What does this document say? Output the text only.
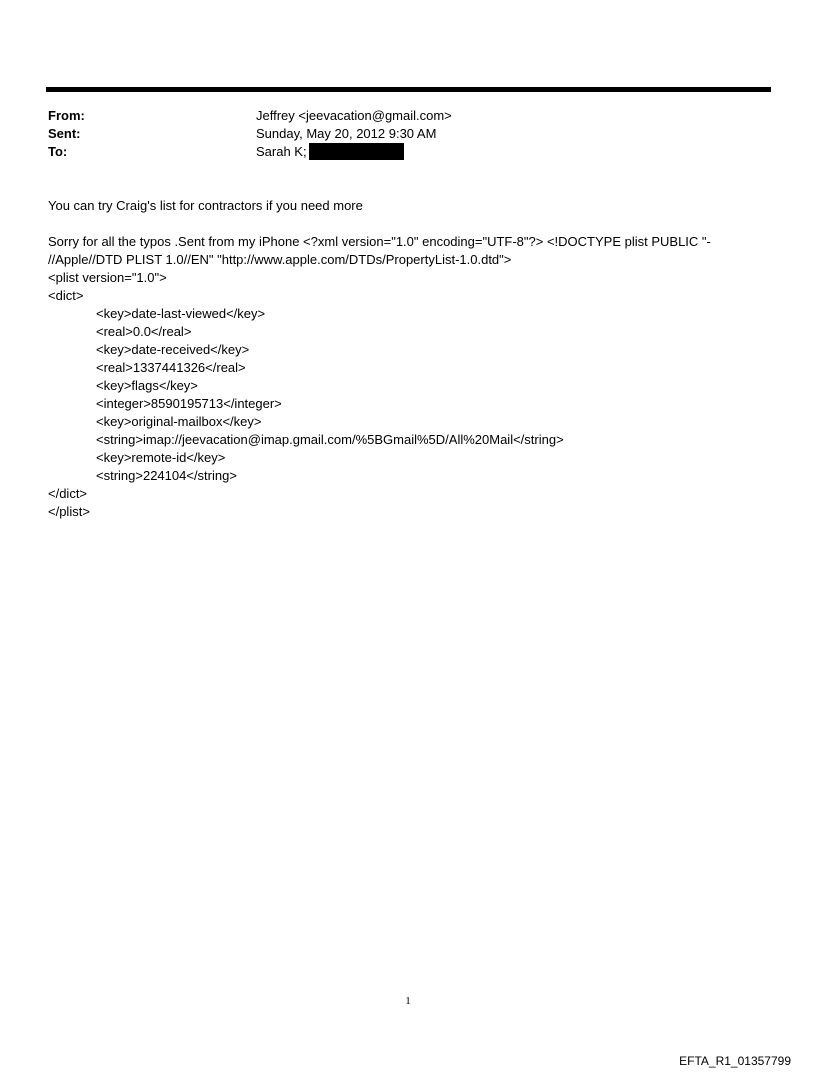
From:	Jeffrey <jeevacation@gmail.com>
Sent:	Sunday, May 20, 2012 9:30 AM
To:	Sarah K;

You can try Craig's list for contractors if you need more

Sorry for all the typos .Sent from my iPhone <?xml version="1.0" encoding="UTF-8"?> <!DOCTYPE plist PUBLIC "-

//Apple//DTD PLIST 1.0//EN" "http://www.apple.com/DTDs/PropertyList-1.0.dtd">

<plist version="1.0">

<dict>

<key>date-last-viewed</key>

<real>0.0</real>

<key>date-received</key>

<real>1337441326</real>

<key>flags</key>

<integer>8590195713</integer>

<key>original-mailbox</key>

<string>imap://jeevacation@imap.gmail.com/%5BGmail%5D/All%20Mail</string>

<key>remote-id</key>

<string>224104</string>

</dict>

</plist>

1
EFTA_R1_01357799
